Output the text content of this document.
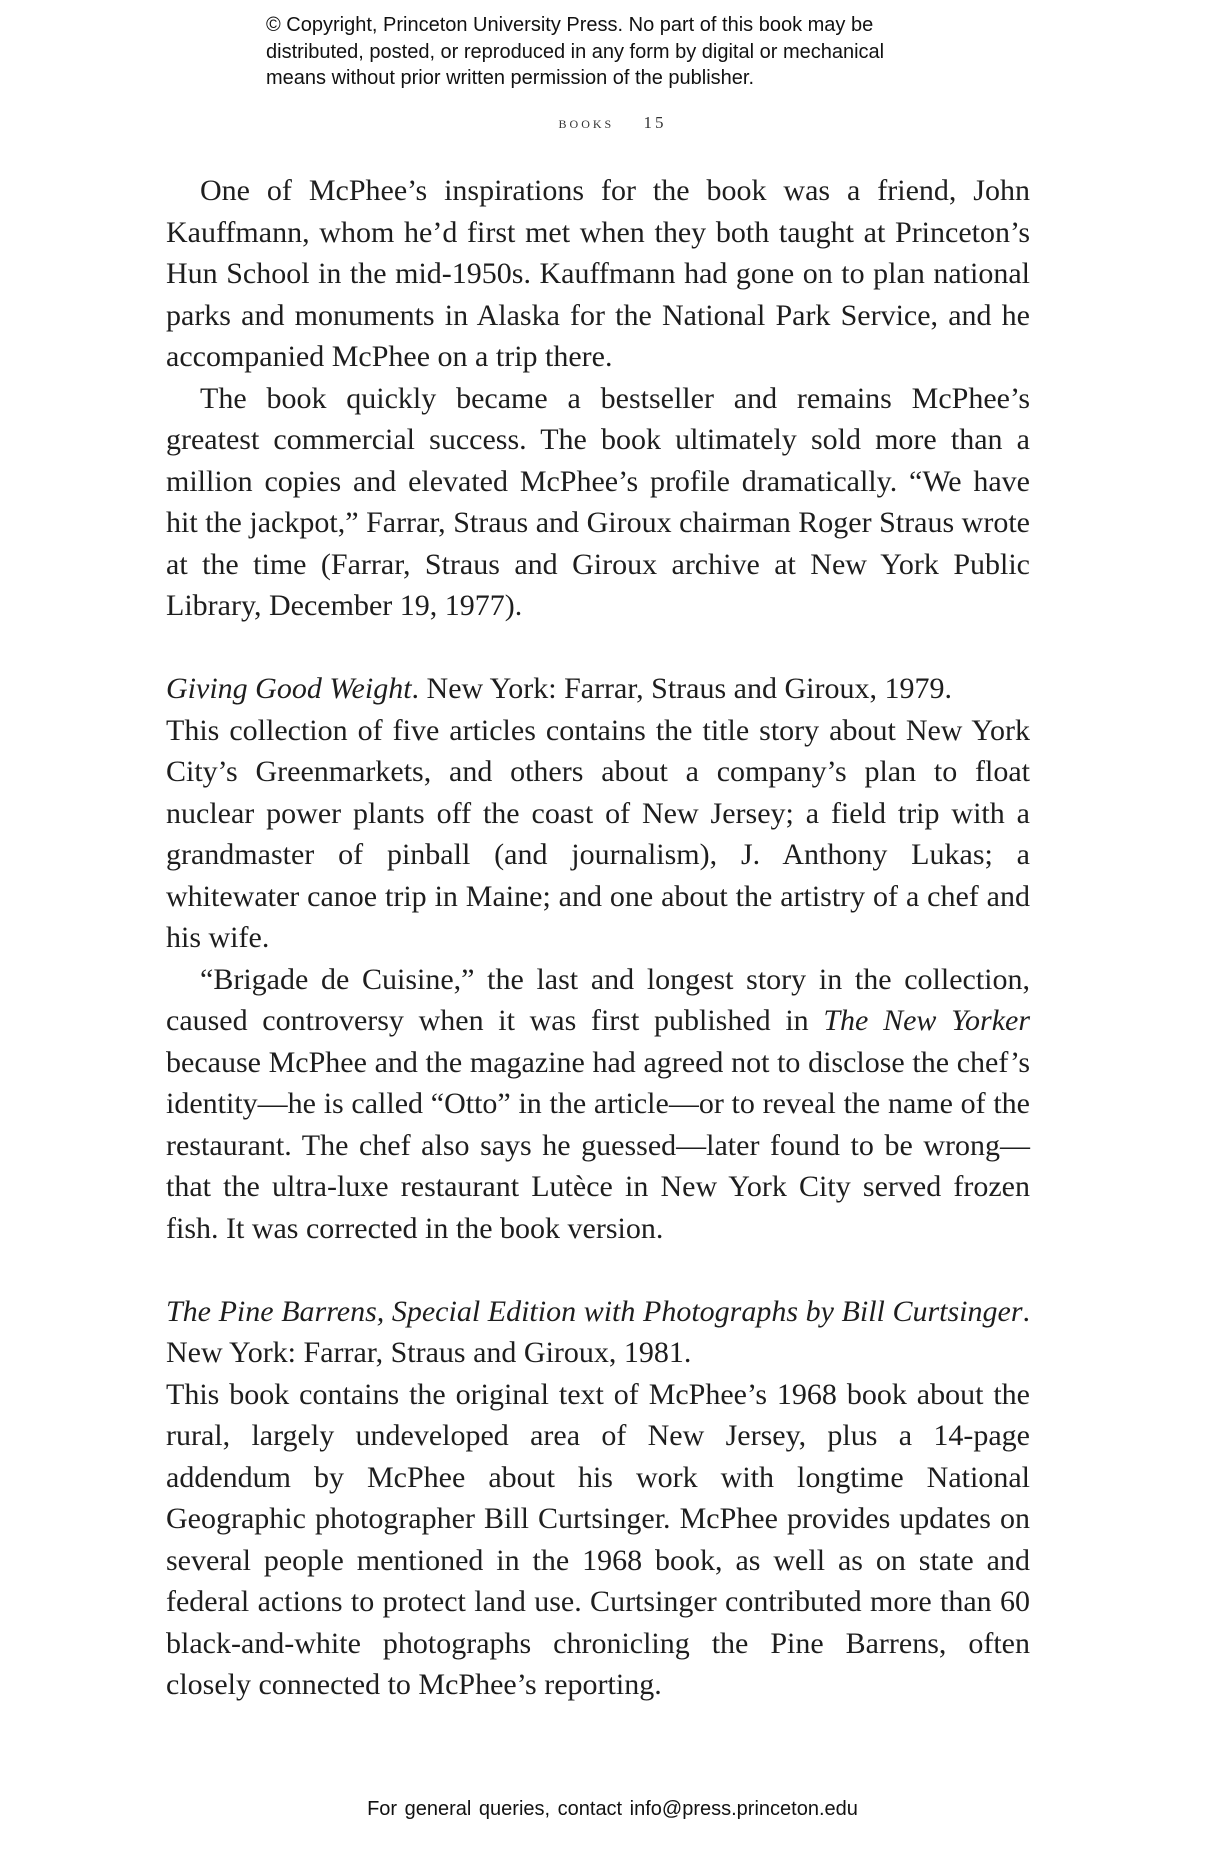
© Copyright, Princeton University Press. No part of this book may be
distributed, posted, or reproduced in any form by digital or mechanical
means without prior written permission of the publisher.
books 15

One of McPhee’s inspirations for the book was a friend, John Kauffmann, whom he’d first met when they both taught at Princeton’s Hun School in the mid-1950s. Kauffmann had gone on to plan national parks and monuments in Alaska for the National Park Service, and he accompanied McPhee on a trip there.

The book quickly became a bestseller and remains McPhee’s greatest commercial success. The book ultimately sold more than a million copies and elevated McPhee’s profile dramatically. “We have hit the jackpot,” Farrar, Straus and Giroux chairman Roger Straus wrote at the time (Farrar, Straus and Giroux archive at New York Public Library, December 19, 1977).

Giving Good Weight. New York: Farrar, Straus and Giroux, 1979.

This collection of five articles contains the title story about New York City’s Greenmarkets, and others about a company’s plan to float nuclear power plants off the coast of New Jersey; a field trip with a grandmaster of pinball (and journalism), J. Anthony Lukas; a whitewater canoe trip in Maine; and one about the artistry of a chef and his wife.

“Brigade de Cuisine,” the last and longest story in the collection, caused controversy when it was first published in The New Yorker because McPhee and the magazine had agreed not to disclose the chef’s identity—he is called “Otto” in the article—or to reveal the name of the restaurant. The chef also says he guessed—later found to be wrong—that the ultra-luxe restaurant Lutèce in New York City served frozen fish. It was corrected in the book version.

The Pine Barrens, Special Edition with Photographs by Bill Curtsinger. New York: Farrar, Straus and Giroux, 1981.

This book contains the original text of McPhee’s 1968 book about the rural, largely undeveloped area of New Jersey, plus a 14-page addendum by McPhee about his work with longtime National Geographic photographer Bill Curtsinger. McPhee provides updates on several people mentioned in the 1968 book, as well as on state and federal actions to protect land use. Curtsinger contributed more than 60 black-and-white photographs chronicling the Pine Barrens, often closely connected to McPhee’s reporting.

For general queries, contact info@press.princeton.edu
